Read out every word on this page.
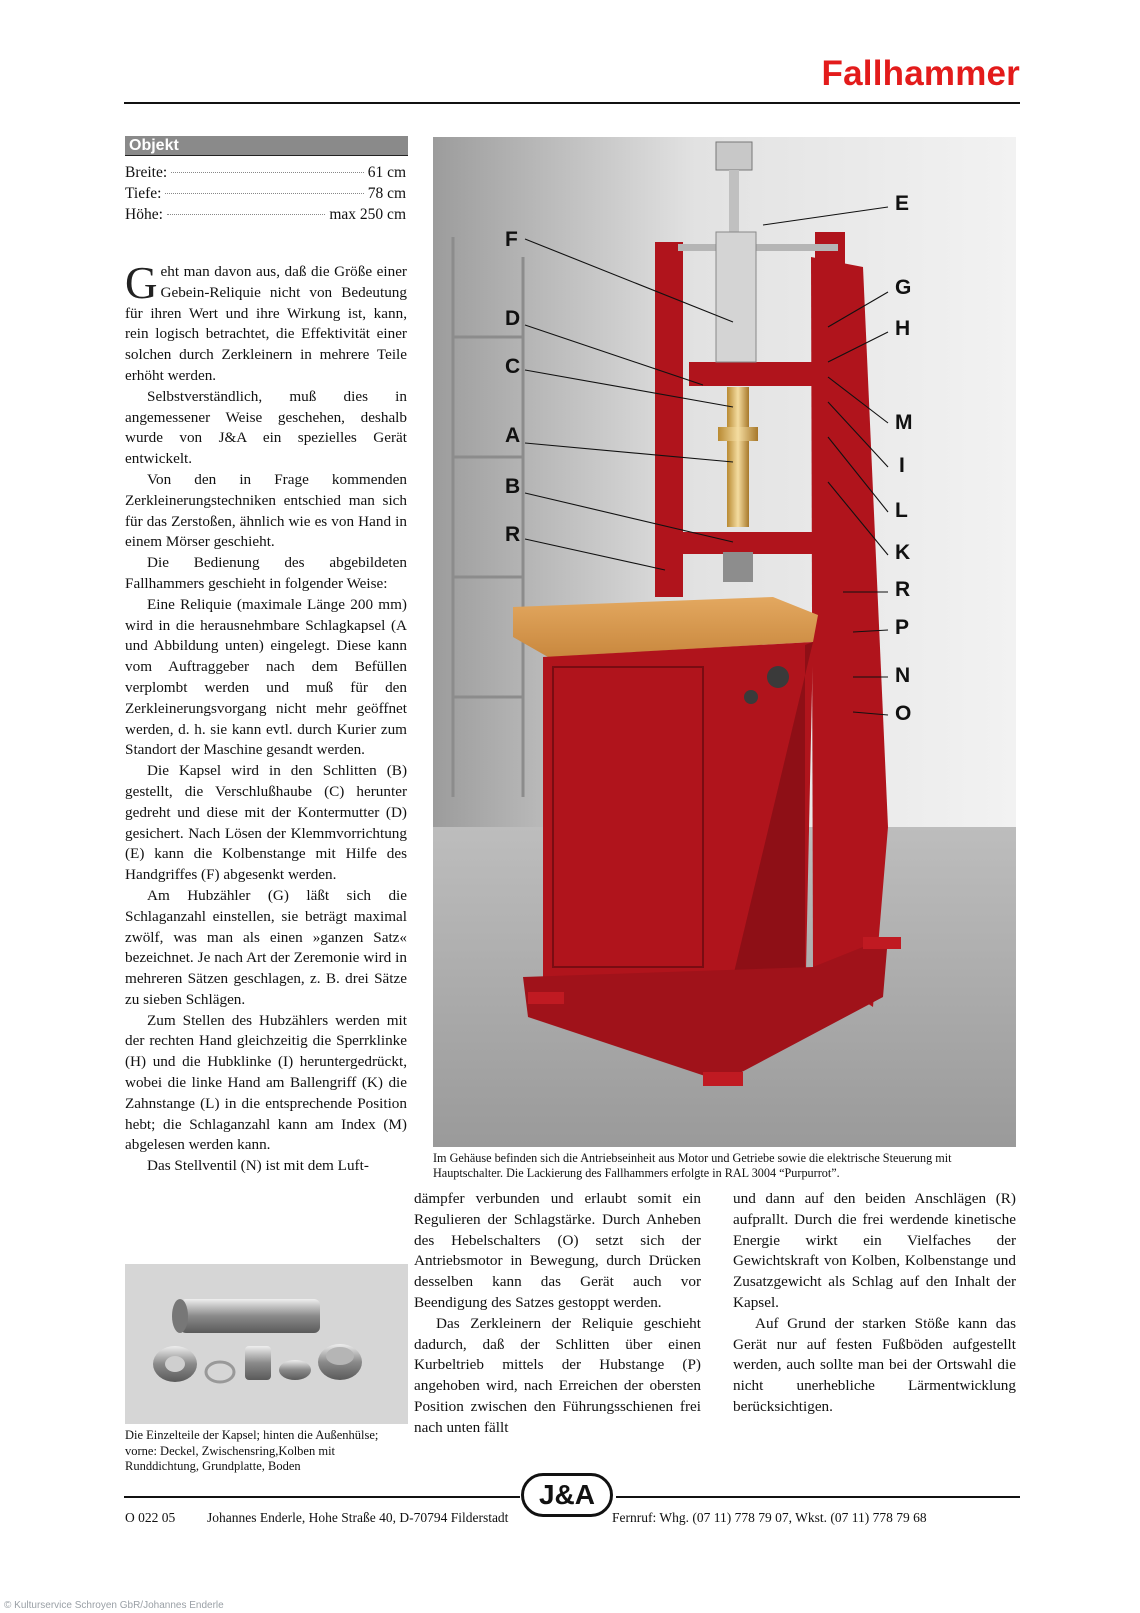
Fallhammer
Objekt
Breite:	61 cm
Tiefe:	78 cm
Höhe:	max 250 cm

Geht man davon aus, daß die Größe einer Gebein-Reliquie nicht von Bedeutung für ihren Wert und ihre Wirkung ist, kann, rein logisch betrachtet, die Effektivität einer solchen durch Zerkleinern in mehrere Teile erhöht werden.

Selbstverständlich, muß dies in angemessener Weise geschehen, deshalb wurde von J&A ein spezielles Gerät entwickelt.

Von den in Frage kommenden Zerkleinerungstechniken entschied man sich für das Zerstoßen, ähnlich wie es von Hand in einem Mörser geschieht.

Die Bedienung des abgebildeten Fallhammers geschieht in folgender Weise:

Eine Reliquie (maximale Länge 200 mm) wird in die herausnehmbare Schlagkapsel (A und Abbildung unten) eingelegt. Diese kann vom Auftraggeber nach dem Befüllen verplombt werden und muß für den Zerkleinerungsvorgang nicht mehr geöffnet werden, d. h. sie kann evtl. durch Kurier zum Standort der Maschine gesandt werden.

Die Kapsel wird in den Schlitten (B) gestellt, die Verschlußhaube (C) herunter gedreht und diese mit der Kontermutter (D) gesichert. Nach Lösen der Klemmvorrichtung (E) kann die Kolbenstange mit Hilfe des Handgriffes (F) abgesenkt werden.

Am Hubzähler (G) läßt sich die Schlaganzahl einstellen, sie beträgt maximal zwölf, was man als einen »ganzen Satz« bezeichnet. Je nach Art der Zeremonie wird in mehreren Sätzen geschlagen, z. B. drei Sätze zu sieben Schlägen.

Zum Stellen des Hubzählers werden mit der rechten Hand gleichzeitig die Sperrklinke (H) und die Hubklinke (I) heruntergedrückt, wobei die linke Hand am Ballengriff (K) die Zahnstange (L) in die entsprechende Position hebt; die Schlaganzahl kann am Index (M) abgelesen werden kann.

Das Stellventil (N) ist mit dem Luft-

F
D
C
A
B
R
E
G
H
M
I
L
K
R
P
N
O
Im Gehäuse befinden sich die Antriebseinheit aus Motor und Getriebe sowie die elektrische Steuerung mit Hauptschalter. Die Lackierung des Fallhammers erfolgte in RAL 3004 “Purpurrot”.

dämpfer verbunden und erlaubt somit ein Regulieren der Schlagstärke. Durch Anheben des Hebelschalters (O) setzt sich der Antriebsmotor in Bewegung, durch Drücken desselben kann das Gerät auch vor Beendigung des Satzes gestoppt werden.

Das Zerkleinern der Reliquie geschieht dadurch, daß der Schlitten über einen Kurbeltrieb mittels der Hubstange (P) angehoben wird, nach Erreichen der obersten Position zwischen den Führungsschienen frei nach unten fällt

und dann auf den beiden Anschlägen (R) aufprallt. Durch die frei werdende kinetische Energie wirkt ein Vielfaches der Gewichtskraft von Kolben, Kolbenstange und Zusatzgewicht als Schlag auf den Inhalt der Kapsel.

Auf Grund der starken Stöße kann das Gerät nur auf festen Fußböden aufgestellt werden, auch sollte man bei der Ortswahl die nicht unerhebliche Lärmentwicklung berücksichtigen.

Die Einzelteile der Kapsel; hinten die Außenhülse; vorne: Deckel, Zwischensring,Kolben mit Runddichtung, Grundplatte, Boden
J&A
O 022 05 Johannes Enderle, Hohe Straße 40, D-70794 Filderstadt	Fernruf: Whg. (07 11) 778 79 07, Wkst. (07 11) 778 79 68
© Kulturservice Schroyen GbR/Johannes Enderle
